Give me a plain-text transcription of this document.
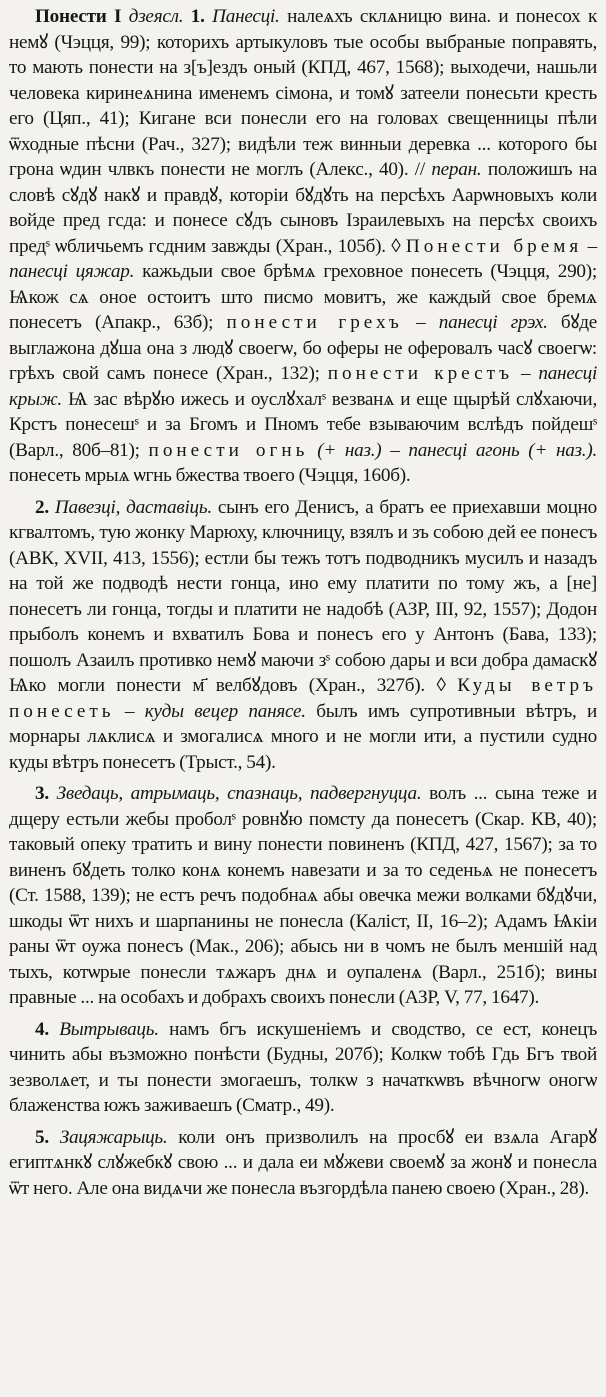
Понести I дзеясл. 1. Панесці. налеѧхъ склѧницю вина. и понесох к немꙋ (Чэцця, 99); которихъ артыкуловъ тые особы выбраные поправять, то мають понести на з[ъ]ездъ оный (КПД, 467, 1568); выходечи, нашьли человека киринеѧнина именемъ сімона, и томꙋ затеели понесьти кресть его (Цяп., 41); Кигане вси понесли его на головах свещенницы пѣли ѿходные пѣсни (Рач., 327); видѣли теж винныи деревка ... которого бы грона ѡдин члвкъ понести не моглъ (Алекс., 40). // перан. положишъ на словѣ сꙋдꙋ накꙋ и правдꙋ, которіи бꙋдꙋть на персѣхъ Аарѡновыхъ коли войде пред гсда: и понесе сꙋдъ сыновъ Ізраилевыхъ на персѣх своихъ предˢ ѡбличьемъ гсдним завжды (Хран., 105б). ◊ Понести бремя – панесці цяжар. кажьдыи свое брѣмѧ греховное понесеть (Чэцця, 290); Ѩкож сѧ оное остоитъ што писмо мовитъ, же каждый свое бремѧ понесетъ (Апакр., 63б); понести грехъ – панесці грэх. бꙋде выглажона дꙋша она з людꙋ своегѡ, бо оферы не оферовалъ часꙋ своегѡ: грѣхъ свой самъ понесе (Хран., 132); понести крестъ – панесці крыж. Ѩ зас вѣрꙋю ижесь и оуслꙋхалˢ везванѧ и еще щырѣй слꙋхаючи, Крстъ понесешˢ и за Бгомъ и Пномъ тебе взываючим вслѣдъ пойдешˢ (Варл., 80б–81); понести огнь (+ наз.) – панесці агонь (+ наз.). понесеть мрыѧ ѡгнь бжества твоего (Чэцця, 160б).

2. Павезці, даставіць. сынъ его Денисъ, а братъ ее приехавши моцно кгвалтомъ, тую жонку Марюху, ключницу, взялъ и зъ собою дей ее понесъ (АВК, XVII, 413, 1556); естли бы тежъ тотъ подводникъ мусилъ и назадъ на той же подводѣ нести гонца, ино ему платити по тому жъ, а [не] понесетъ ли гонца, тогды и платити не надобѣ (АЗР, III, 92, 1557); Додон прыболъ конемъ и вхватилъ Бова и понесъ его у Антонъ (Бава, 133); пошолъ Азаилъ противко немꙋ маючи зˢ собою дары и вси добра дамаскꙋ Ѩко могли понести м҃ велбꙋдовъ (Хран., 327б). ◊ Куды ветръ понесеть – куды вецер панясе. былъ имъ супротивныи вѣтръ, и морнары лѧклисѧ и змогалисѧ много и не могли ити, а пустили судно куды вѣтръ понесетъ (Трыст., 54).

3. Зведаць, атрымаць, спазнаць, падвергнуцца. волъ ... сына теже и дщеру естьли жебы проболˢ ровнꙋю помсту да понесетъ (Скар. КВ, 40); таковый опеку тратить и вину понести повиненъ (КПД, 427, 1567); за то виненъ бꙋдеть толко конѧ конемъ навезати и за то седеньѧ не понесетъ (Ст. 1588, 139); не естъ речъ подобнаѧ абы овечка межи волками бꙋдꙋчи, шкоды ѿт нихъ и шарпанины не понесла (Каліст, II, 16–2); Адамъ Ѩкіи раны ѿт оужа понесъ (Мак., 206); абысь ни в чомъ не былъ меншій над тыхъ, котѡрые понесли тѧжаръ днѧ и оупаленѧ (Варл., 251б); вины правные ... на особахъ и добрахъ своихъ понесли (АЗР, V, 77, 1647).

4. Вытрываць. намъ бгъ искушеніемъ и сводство, се ест, конецъ чинить абы възможно понѣсти (Будны, 207б); Колкѡ тобѣ Гдь Бгъ твой зезволѧет, и ты понести змогаешъ, толкѡ з начаткѡвъ вѣчногѡ оногѡ блаженства южъ заживаешъ (Сматр., 49).

5. Зацяжарыць. коли онъ призволилъ на просбꙋ еи взѧла Агарꙋ египтѧнкꙋ слꙋжебкꙋ свою ... и дала еи мꙋжеви своемꙋ за жонꙋ и понесла ѿт него. Але она видѧчи же понесла възгордѣла панею своею (Хран., 28).
